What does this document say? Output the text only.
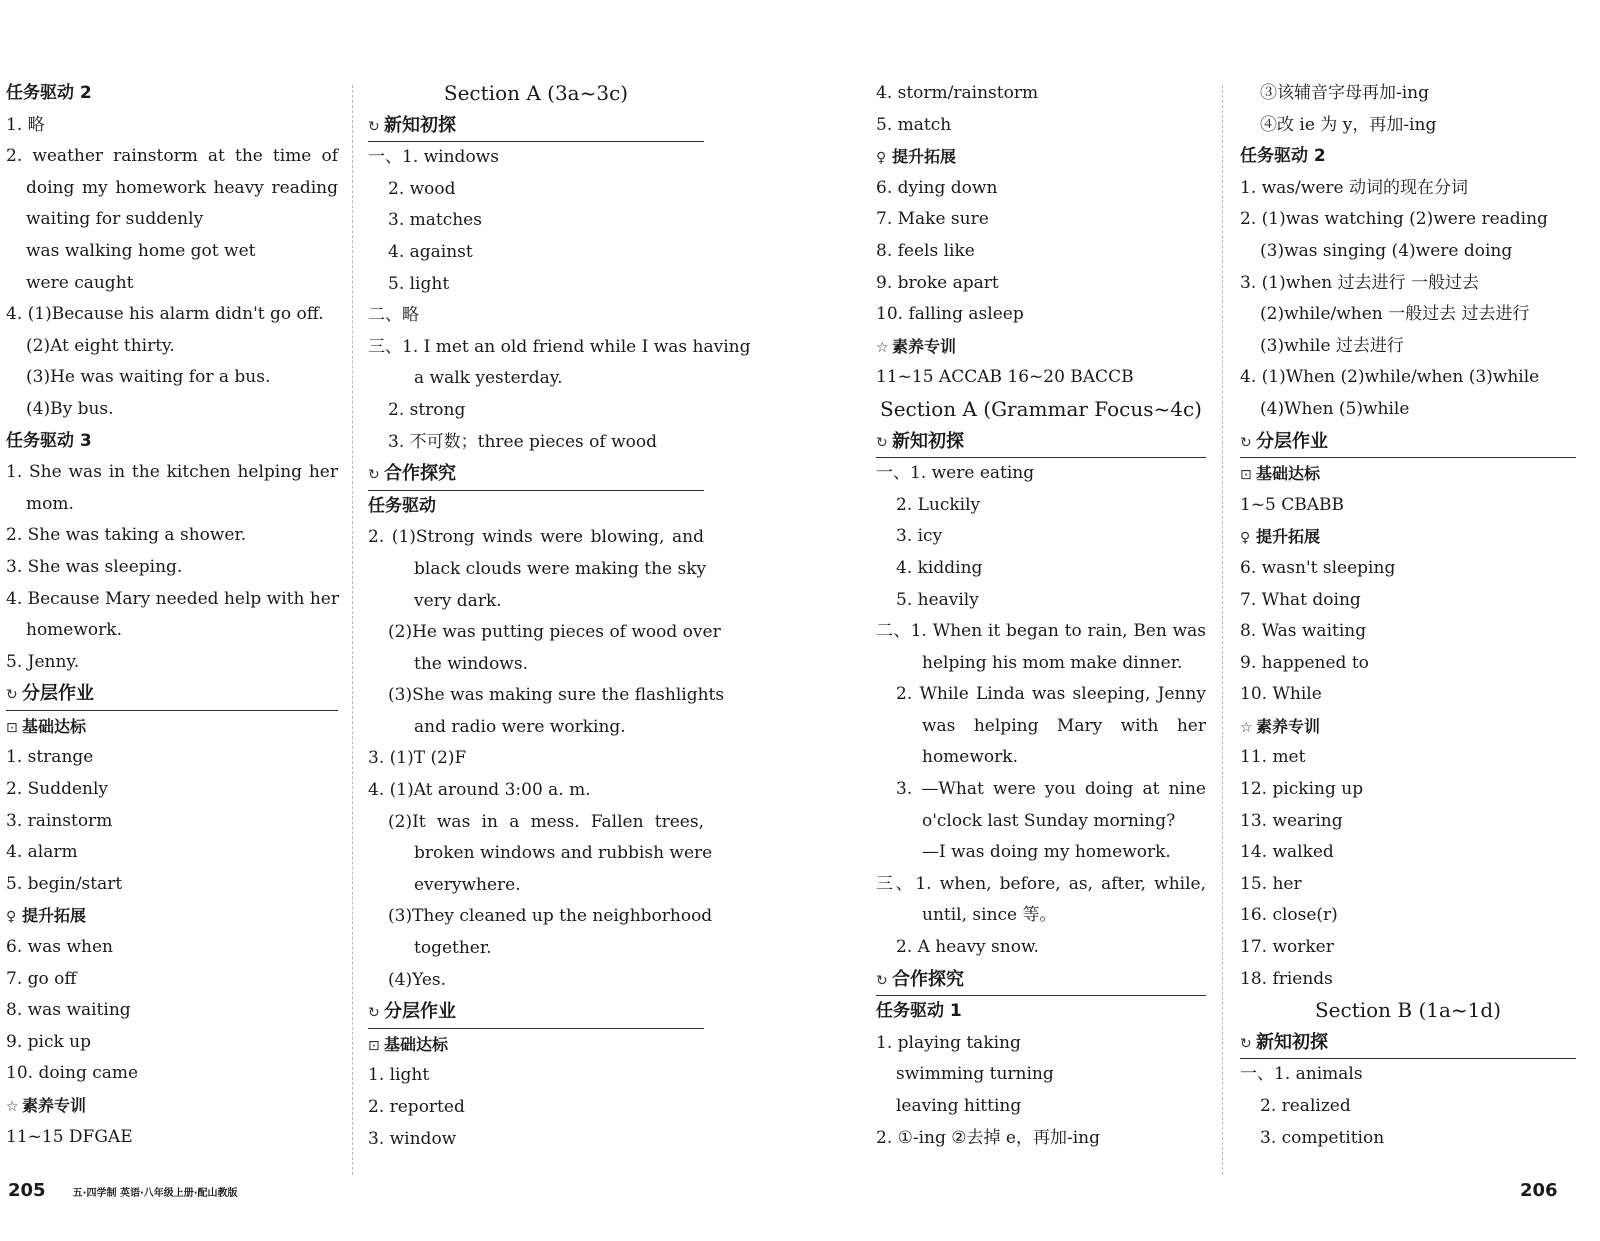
任务驱动 2
1. 略
2. weather rainstorm at the time of
doing my homework heavy reading
waiting for suddenly
was walking home got wet
were caught
4. (1)Because his alarm didn't go off.
(2)At eight thirty.
(3)He was waiting for a bus.
(4)By bus.
任务驱动 3
1. She was in the kitchen helping her
mom.
2. She was taking a shower.
3. She was sleeping.
4. Because Mary needed help with her
homework.
5. Jenny.
↻ 分层作业
⊡ 基础达标
1. strange
2. Suddenly
3. rainstorm
4. alarm
5. begin/start
♀ 提升拓展
6. was when
7. go off
8. was waiting
9. pick up
10. doing came
☆ 素养专训
11~15 DFGAE
Section A (3a~3c)
↻ 新知初探
一、1. windows
2. wood
3. matches
4. against
5. light
二、略
三、1. I met an old friend while I was having
a walk yesterday.
2. strong
3. 不可数；three pieces of wood
↻ 合作探究
任务驱动
2. (1)Strong winds were blowing, and
black clouds were making the sky
very dark.
(2)He was putting pieces of wood over
the windows.
(3)She was making sure the flashlights
and radio were working.
3. (1)T (2)F
4. (1)At around 3:00 a. m.
(2)It was in a mess. Fallen trees,
broken windows and rubbish were
everywhere.
(3)They cleaned up the neighborhood
together.
(4)Yes.
↻ 分层作业
⊡ 基础达标
1. light
2. reported
3. window
4. storm/rainstorm
5. match
♀ 提升拓展
6. dying down
7. Make sure
8. feels like
9. broke apart
10. falling asleep
☆ 素养专训
11~15 ACCAB 16~20 BACCB
Section A (Grammar Focus~4c)
↻ 新知初探
一、1. were eating
2. Luckily
3. icy
4. kidding
5. heavily
二、1. When it began to rain, Ben was
helping his mom make dinner.
2. While Linda was sleeping, Jenny
was helping Mary with her
homework.
3. —What were you doing at nine
o'clock last Sunday morning?
—I was doing my homework.
三、1. when, before, as, after, while,
until, since 等。
2. A heavy snow.
↻ 合作探究
任务驱动 1
1. playing taking
swimming turning
leaving hitting
2. ①-ing ②去掉 e，再加-ing
③该辅音字母再加-ing
④改 ie 为 y，再加-ing
任务驱动 2
1. was/were 动词的现在分词
2. (1)was watching (2)were reading
(3)was singing (4)were doing
3. (1)when 过去进行 一般过去
(2)while/when 一般过去 过去进行
(3)while 过去进行
4. (1)When (2)while/when (3)while
(4)When (5)while
↻ 分层作业
⊡ 基础达标
1~5 CBABB
♀ 提升拓展
6. wasn't sleeping
7. What doing
8. Was waiting
9. happened to
10. While
☆ 素养专训
11. met
12. picking up
13. wearing
14. walked
15. her
16. close(r)
17. worker
18. friends
Section B (1a~1d)
↻ 新知初探
一、1. animals
2. realized
3. competition
205	五·四学制 英语·八年级上册·配山教版	206
